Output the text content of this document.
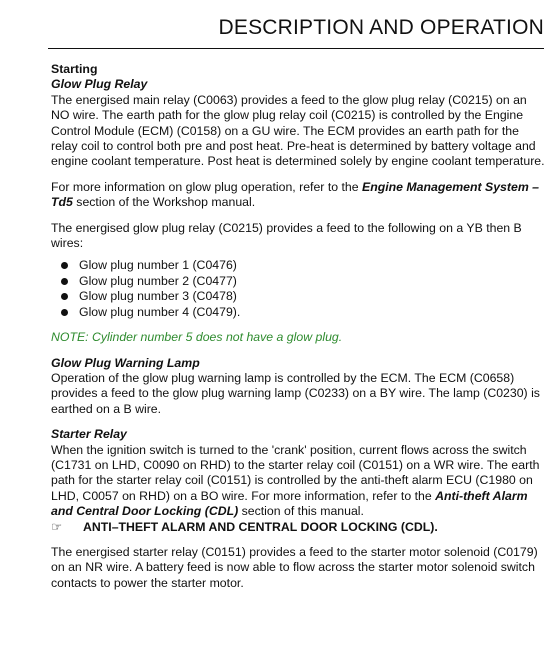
DESCRIPTION AND OPERATION
Starting
Glow Plug Relay

The energised main relay (C0063) provides a feed to the glow plug relay (C0215) on an NO wire. The earth path for the glow plug relay coil (C0215) is controlled by the Engine Control Module (ECM) (C0158) on a GU wire. The ECM provides an earth path for the relay coil to control both pre and post heat. Pre-heat is determined by battery voltage and engine coolant temperature. Post heat is determined solely by engine coolant temperature.

For more information on glow plug operation, refer to the Engine Management System – Td5 section of the Workshop manual.

The energised glow plug relay (C0215) provides a feed to the following on a YB then B wires:

Glow plug number 1 (C0476)
Glow plug number 2 (C0477)
Glow plug number 3 (C0478)
Glow plug number 4 (C0479).

NOTE: Cylinder number 5 does not have a glow plug.

Glow Plug Warning Lamp

Operation of the glow plug warning lamp is controlled by the ECM. The ECM (C0658) provides a feed to the glow plug warning lamp (C0233) on a BY wire. The lamp (C0230) is earthed on a B wire.

Starter Relay

When the ignition switch is turned to the 'crank' position, current flows across the switch (C1731 on LHD, C0090 on RHD) to the starter relay coil (C0151) on a WR wire. The earth path for the starter relay coil (C0151) is controlled by the anti-theft alarm ECU (C1980 on LHD, C0057 on RHD) on a BO wire. For more information, refer to the Anti-theft Alarm and Central Door Locking (CDL) section of this manual.

☞	ANTI–THEFT ALARM AND CENTRAL DOOR LOCKING (CDL).

The energised starter relay (C0151) provides a feed to the starter motor solenoid (C0179) on an NR wire. A battery feed is now able to flow across the starter motor solenoid switch contacts to power the starter motor.
